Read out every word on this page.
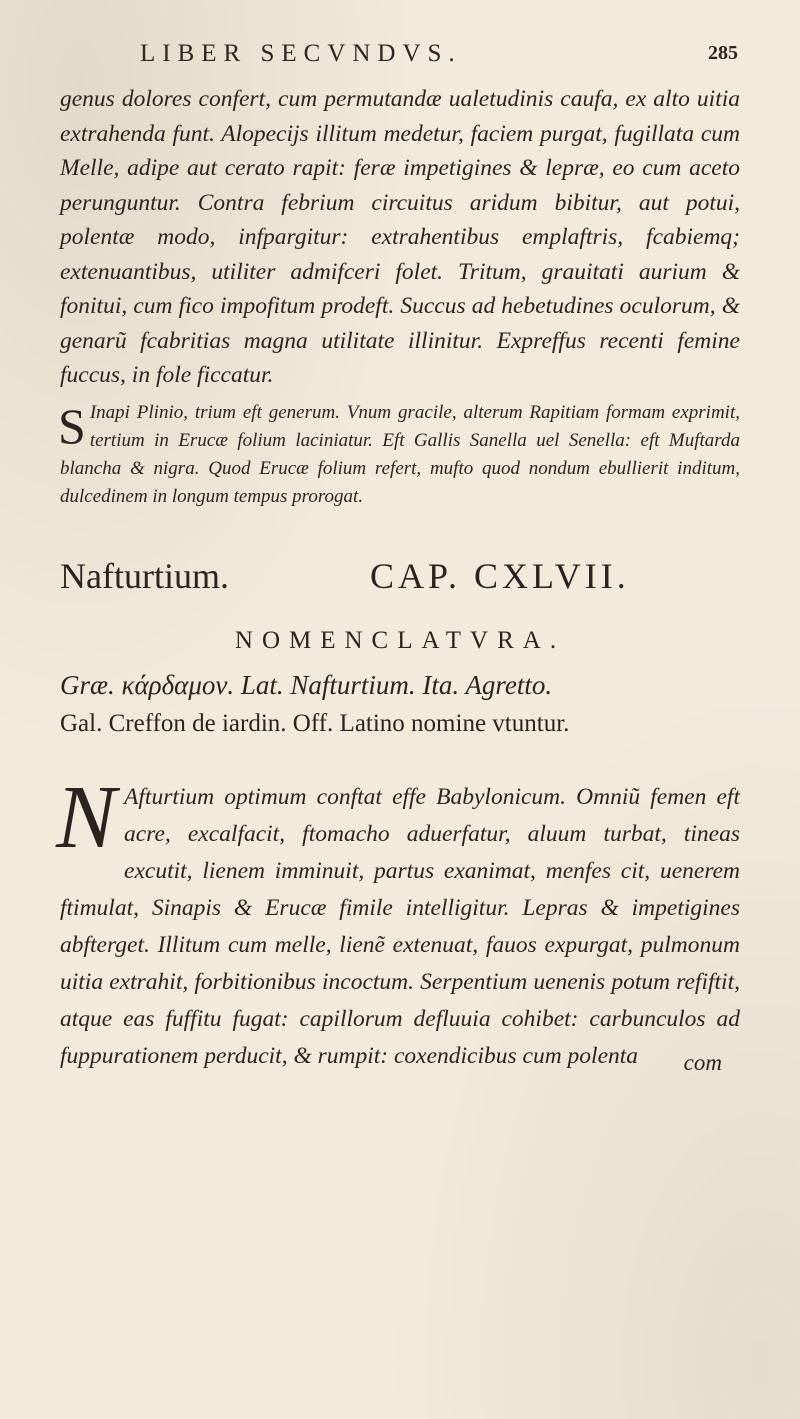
LIBER SECVNDVS.	285

genus dolores confert, cum permutandæ ualetudinis caufa, ex alto uitia extrahenda funt. Alopecijs illitum medetur, faciem purgat, fugillata cum Melle, adipe aut cerato rapit: feræ impetigines & lepræ, eo cum aceto perunguntur. Contra febrium circuitus aridum bibitur, aut potui, polentæ modo, infpargitur: extrahentibus emplaftris, fcabiemq; extenuantibus, utiliter admifceri folet. Tritum, grauitati aurium & fonitui, cum fico impofitum prodeft. Succus ad hebetudines oculorum, & genarũ fcabritias magna utilitate illinitur. Expreffus recenti femine fuccus, in fole ficcatur.

S Inapi Plinio, trium eft generum. Vnum gracile, alterum Rapitiam formam exprimit, tertium in Erucæ folium laciniatur. Eft Gallis Sanella uel Senella: eft Muftarda blancha & nigra. Quod Erucæ folium refert, mufto quod nondum ebullierit inditum, dulcedinem in longum tempus prorogat.

Nafturtium.	CAP. CXLVII.
NOMENCLATVRA.
Græ. κάρδαμον. Lat. Nafturtium. Ita. Agretto.
Gal. Creffon de iardin. Off. Latino nomine vtuntur.

N Afturtium optimum conftat effe Babylonicum. Omniũ femen eft acre, excalfacit, ftomacho aduerfatur, aluum turbat, tineas excutit, lienem imminuit, partus exanimat, menfes cit, uenerem ftimulat, Sinapis & Erucæ fimile intelligitur. Lepras & impetigines abfterget. Illitum cum melle, lienẽ extenuat, fauos expurgat, pulmonum uitia extrahit, forbitionibus incoctum. Serpentium uenenis potum refiftit, atque eas fuffitu fugat: capillorum defluuia cohibet: carbunculos ad fuppurationem perducit, & rumpit: coxendicibus cum polenta	com
